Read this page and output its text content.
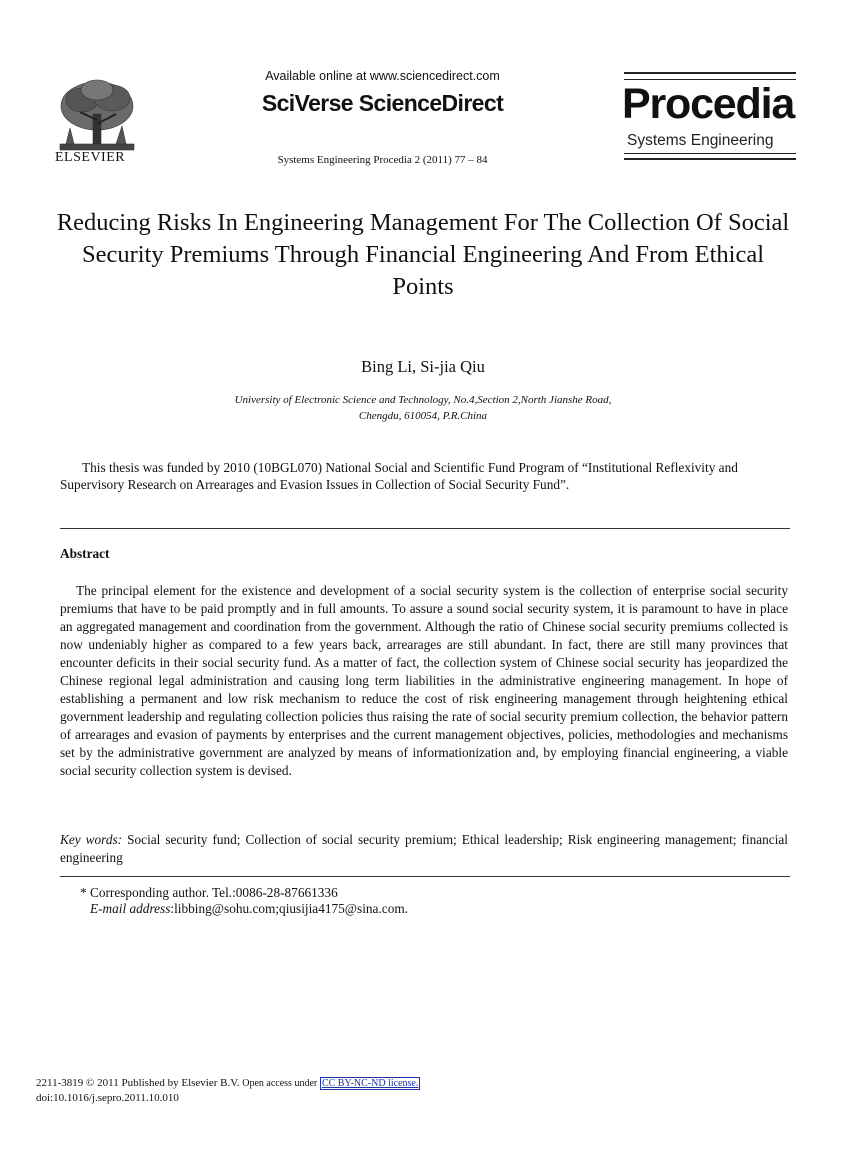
ELSEVIER
Available online at www.sciencedirect.com
SciVerse ScienceDirect
Systems Engineering Procedia 2 (2011) 77 – 84
Procedia
Systems Engineering
Reducing Risks In Engineering Management For The Collection Of Social Security Premiums Through Financial Engineering And From Ethical Points
Bing Li, Si-jia Qiu
University of Electronic Science and Technology, No.4,Section 2,North Jianshe Road,
Chengdu, 610054, P.R.China
This thesis was funded by 2010 (10BGL070) National Social and Scientific Fund Program of “Institutional Reflexivity and Supervisory Research on Arrearages and Evasion Issues in Collection of Social Security Fund”.
Abstract
The principal element for the existence and development of a social security system is the collection of enterprise social security premiums that have to be paid promptly and in full amounts. To assure a sound social security system, it is paramount to have in place an aggregated management and coordination from the government. Although the ratio of Chinese social security premiums collected is now undeniably higher as compared to a few years back, arrearages are still abundant. In fact, there are still many provinces that encounter deficits in their social security fund. As a matter of fact, the collection system of Chinese social security has jeopardized the Chinese regional legal administration and causing long term liabilities in the administrative engineering management. In hope of establishing a permanent and low risk mechanism to reduce the cost of risk engineering management through heightening ethical government leadership and regulating collection policies thus raising the rate of social security premium collection, the behavior pattern of arrearages and evasion of payments by enterprises and the current management objectives, policies, methodologies and mechanisms set by the administrative government are analyzed by means of informationization and, by employing financial engineering, a viable social security collection system is devised.
Key words: Social security fund; Collection of social security premium; Ethical leadership; Risk engineering management; financial engineering
* Corresponding author. Tel.:0086-28-87661336
E-mail address:libbing@sohu.com;qiusijia4175@sina.com.
2211-3819 © 2011 Published by Elsevier B.V. Open access under CC BY-NC-ND license.
doi:10.1016/j.sepro.2011.10.010
